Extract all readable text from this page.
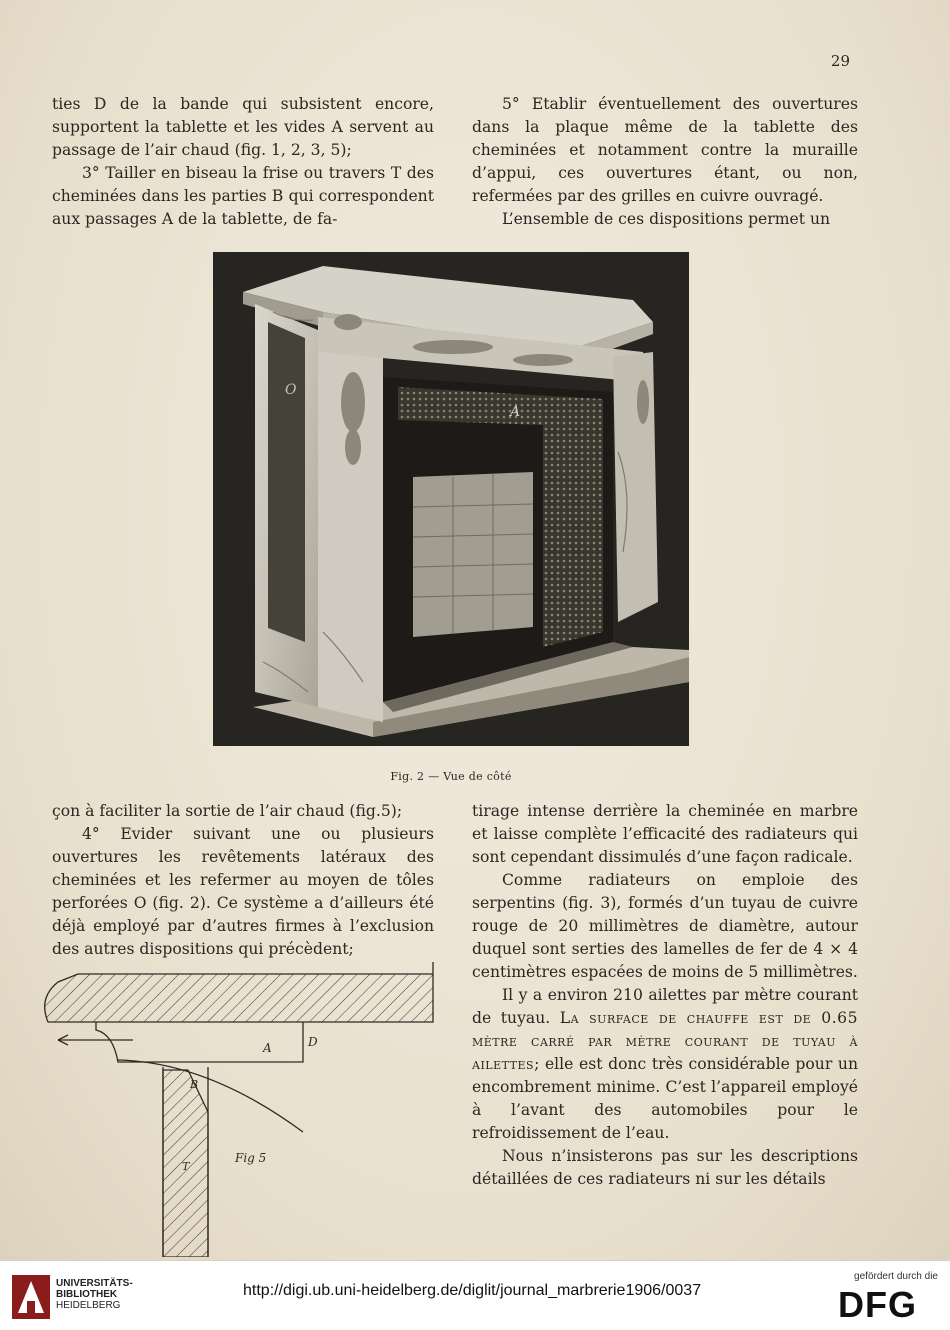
29

ties D de la bande qui subsistent encore, supportent la tablette et les vides A servent au passage de l’air chaud (fig. 1, 2, 3, 5);

3° Tailler en biseau la frise ou travers T des cheminées dans les parties B qui correspondent aux passages A de la tablette, de fa-

5° Etablir éventuellement des ouvertures dans la plaque même de la tablette des cheminées et notamment contre la muraille d’appui, ces ouvertures étant, ou non, refermées par des grilles en cuivre ouvragé.

L’ensemble de ces dispositions permet un

O
A
Fig. 2 — Vue de côté

çon à faciliter la sortie de l’air chaud (fig.5);

4° Evider suivant une ou plusieurs ouvertures les revêtements latéraux des cheminées et les refermer au moyen de tôles perforées O (fig. 2). Ce système a d’ailleurs été déjà employé par d’autres firmes à l’exclusion des autres dispositions qui précèdent;

tirage intense derrière la cheminée en marbre et laisse complète l’efficacité des radiateurs qui sont cependant dissimulés d’une façon radicale.

Comme radiateurs on emploie des serpentins (fig. 3), formés d’un tuyau de cuivre rouge de 20 millimètres de diamètre, autour duquel sont serties des lamelles de fer de 4 × 4 centimètres espacées de moins de 5 millimètres.

Il y a environ 210 ailettes par mètre courant de tuyau. La surface de chauffe est de 0.65 mètre carré par mètre courant de tuyau à ailettes; elle est donc très considérable pour un encombrement minime. C’est l’appareil employé à l’avant des automobiles pour le refroidissement de l’eau.

Nous n’insisterons pas sur les descriptions détaillées de ces radiateurs ni sur les détails

A	D
B
T
Fig 5
UNIVERSITÄTS-
BIBLIOTHEK
HEIDELBERG
http://digi.ub.uni-heidelberg.de/diglit/journal_marbrerie1906/0037
gefördert durch die
DFG
